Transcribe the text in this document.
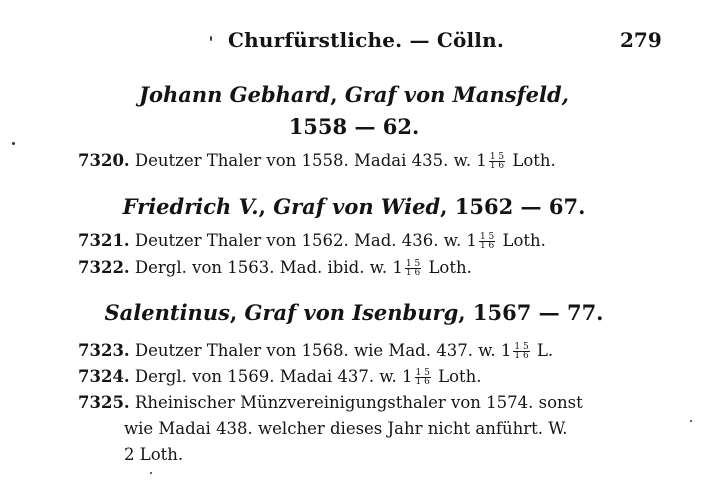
Churfürstliche. — Cölln.	279
Johann Gebhard, Graf von Mansfeld,
1558 — 62.
7320. Deutzer Thaler von 1558. Madai 435. w. $1 \frac{1 5}{1 6}$ Loth.
Friedrich V., Graf von Wied, 1562 — 67.
7321. Deutzer Thaler von 1562. Mad. 436. w. $1 \frac{1 5}{1 6}$ Loth.
7322. Dergl. von 1563. Mad. ibid. w. $1 \frac{1 5}{1 6}$ Loth.
Salentinus, Graf von Isenburg, 1567 — 77.
7323. Deutzer Thaler von 1568. wie Mad. 437. w. $1 \frac{1 5}{1 6} L$.
7324. Dergl. von 1569. Madai 437. w. $1 \frac{1 5}{1 6}$ Loth.
7325. Rheinischer Münzvereinigungsthaler von 1574. sonst
wie Madai 438. welcher dieses Jahr nicht anführt. W.
2 Loth.
